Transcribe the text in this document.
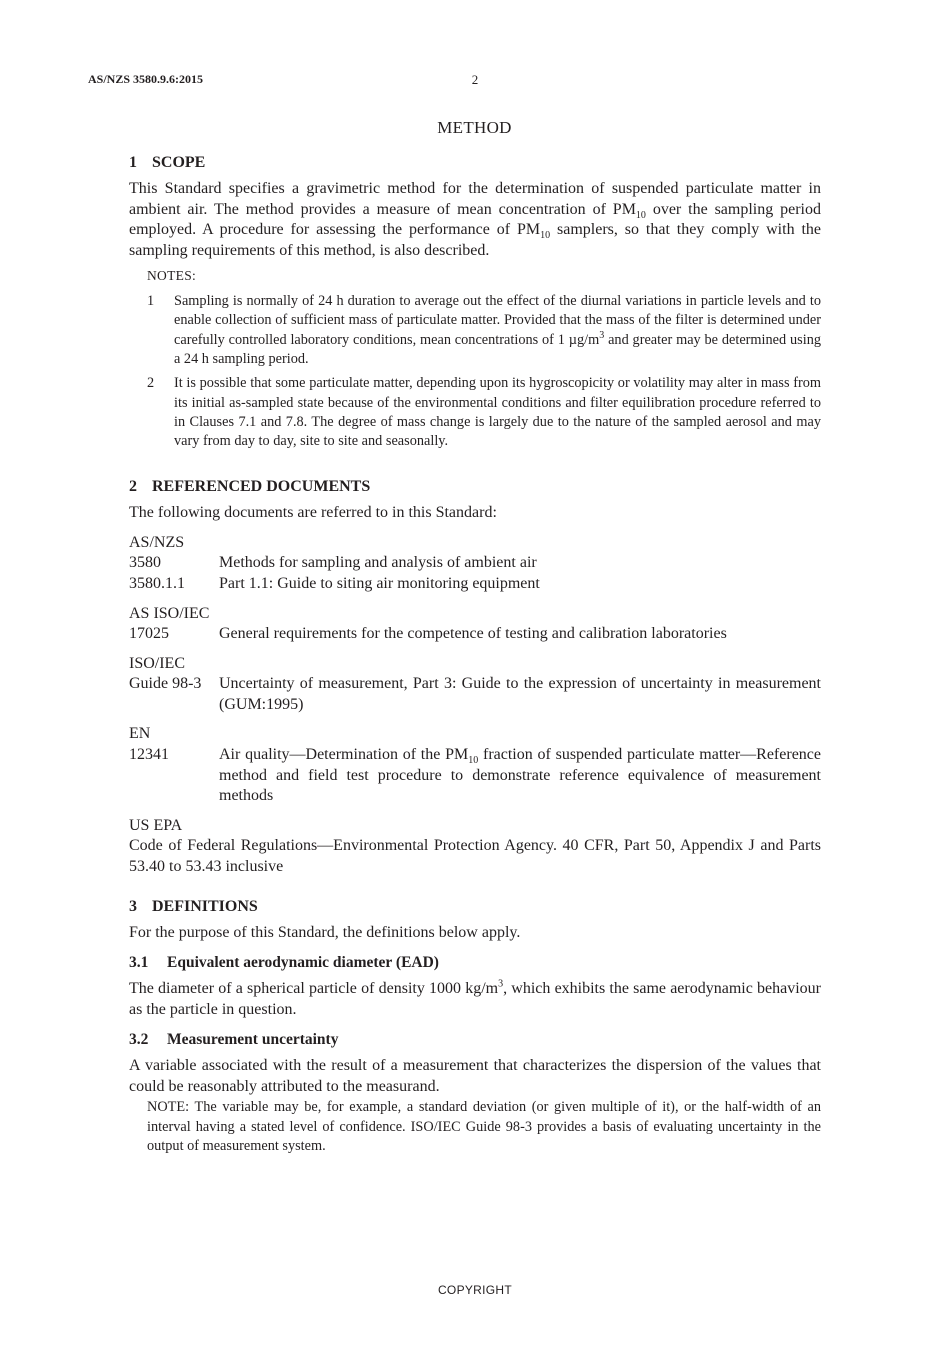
AS/NZS 3580.9.6:2015	2
METHOD
1 SCOPE

This Standard specifies a gravimetric method for the determination of suspended particulate matter in ambient air. The method provides a measure of mean concentration of $PM_{10}$ over the sampling period employed. A procedure for assessing the performance of $PM_{10}$ samplers, so that they comply with the sampling requirements of this method, is also described.

NOTES:
1	Sampling is normally of 24 h duration to average out the effect of the diurnal variations in particle levels and to enable collection of sufficient mass of particulate matter. Provided that the mass of the filter is determined under carefully controlled laboratory conditions, mean concentrations of 1 $\mu g/m^3$ and greater may be determined using a 24 h sampling period.
2	It is possible that some particulate matter, depending upon its hygroscopicity or volatility may alter in mass from its initial as-sampled state because of the environmental conditions and filter equilibration procedure referred to in Clauses 7.1 and 7.8. The degree of mass change is largely due to the nature of the sampled aerosol and may vary from day to day, site to site and seasonally.
2 REFERENCED DOCUMENTS

The following documents are referred to in this Standard:

AS/NZS
3580	Methods for sampling and analysis of ambient air
3580.1.1	Part 1.1: Guide to siting air monitoring equipment
AS ISO/IEC
17025	General requirements for the competence of testing and calibration laboratories
ISO/IEC
Guide 98-3	Uncertainty of measurement, Part 3: Guide to the expression of uncertainty in measurement (GUM:1995)
EN
12341	Air quality—Determination of the $PM_{10}$ fraction of suspended particulate matter—Reference method and field test procedure to demonstrate reference equivalence of measurement methods
US EPA

Code of Federal Regulations—Environmental Protection Agency. 40 CFR, Part 50, Appendix J and Parts 53.40 to 53.43 inclusive

3 DEFINITIONS

For the purpose of this Standard, the definitions below apply.

3.1 Equivalent aerodynamic diameter (EAD)

The diameter of a spherical particle of density 1000 $kg/m^3$, which exhibits the same aerodynamic behaviour as the particle in question.

3.2 Measurement uncertainty

A variable associated with the result of a measurement that characterizes the dispersion of the values that could be reasonably attributed to the measurand.

NOTE: The variable may be, for example, a standard deviation (or given multiple of it), or the half-width of an interval having a stated level of confidence. ISO/IEC Guide 98-3 provides a basis of evaluating uncertainty in the output of measurement system.
COPYRIGHT
